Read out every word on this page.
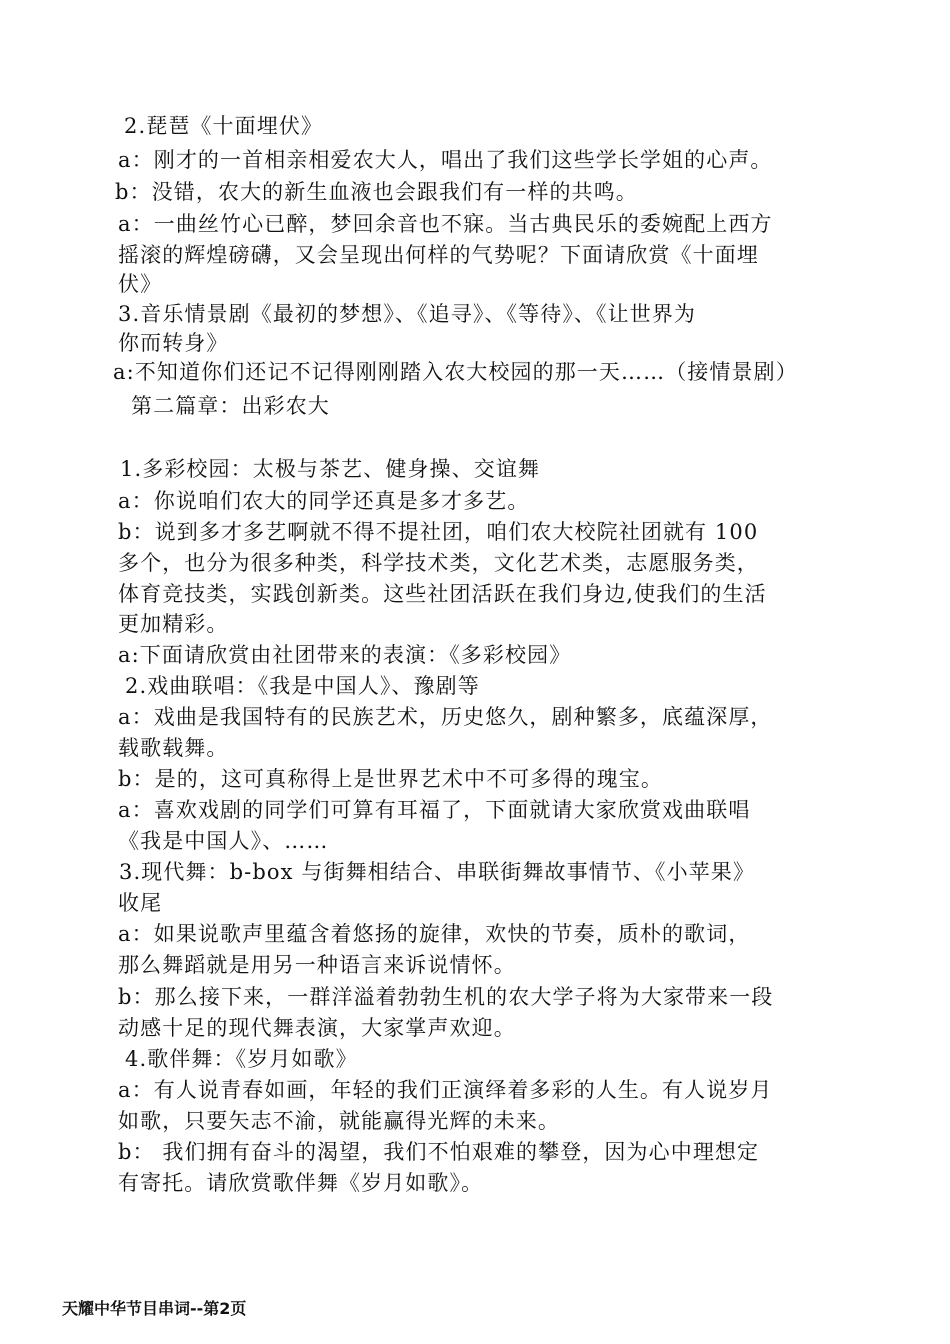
2.琵琶《十面埋伏》
a：刚才的一首相亲相爱农大人，唱出了我们这些学长学姐的心声。
b：没错，农大的新生血液也会跟我们有一样的共鸣。
a：一曲丝竹心已醉，梦回余音也不寐。当古典民乐的委婉配上西方
摇滚的辉煌磅礴，又会呈现出何样的气势呢？下面请欣赏《十面埋
伏》
3.音乐情景剧《最初的梦想》、《追寻》、《等待》、《让世界为
你而转身》
a:不知道你们还记不记得刚刚踏入农大校园的那一天……（接情景剧）
第二篇章：出彩农大
1.多彩校园：太极与茶艺、健身操、交谊舞
a：你说咱们农大的同学还真是多才多艺。
b：说到多才多艺啊就不得不提社团，咱们农大校院社团就有 100
多个，也分为很多种类，科学技术类，文化艺术类，志愿服务类，
体育竞技类，实践创新类。这些社团活跃在我们身边,使我们的生活
更加精彩。
a:下面请欣赏由社团带来的表演：《多彩校园》
2.戏曲联唱：《我是中国人》、豫剧等
a：戏曲是我国特有的民族艺术，历史悠久，剧种繁多，底蕴深厚，
载歌载舞。
b：是的，这可真称得上是世界艺术中不可多得的瑰宝。
a：喜欢戏剧的同学们可算有耳福了，下面就请大家欣赏戏曲联唱
《我是中国人》、……
3.现代舞：b-box 与街舞相结合、串联街舞故事情节、《小苹果》
收尾
a：如果说歌声里蕴含着悠扬的旋律，欢快的节奏，质朴的歌词，
那么舞蹈就是用另一种语言来诉说情怀。
b：那么接下来，一群洋溢着勃勃生机的农大学子将为大家带来一段
动感十足的现代舞表演，大家掌声欢迎。
4.歌伴舞：《岁月如歌》
a：有人说青春如画，年轻的我们正演绎着多彩的人生。有人说岁月
如歌，只要矢志不渝，就能赢得光辉的未来。
b： 我们拥有奋斗的渴望，我们不怕艰难的攀登，因为心中理想定
有寄托。请欣赏歌伴舞《岁月如歌》。
天耀中华节目串词--第2页
